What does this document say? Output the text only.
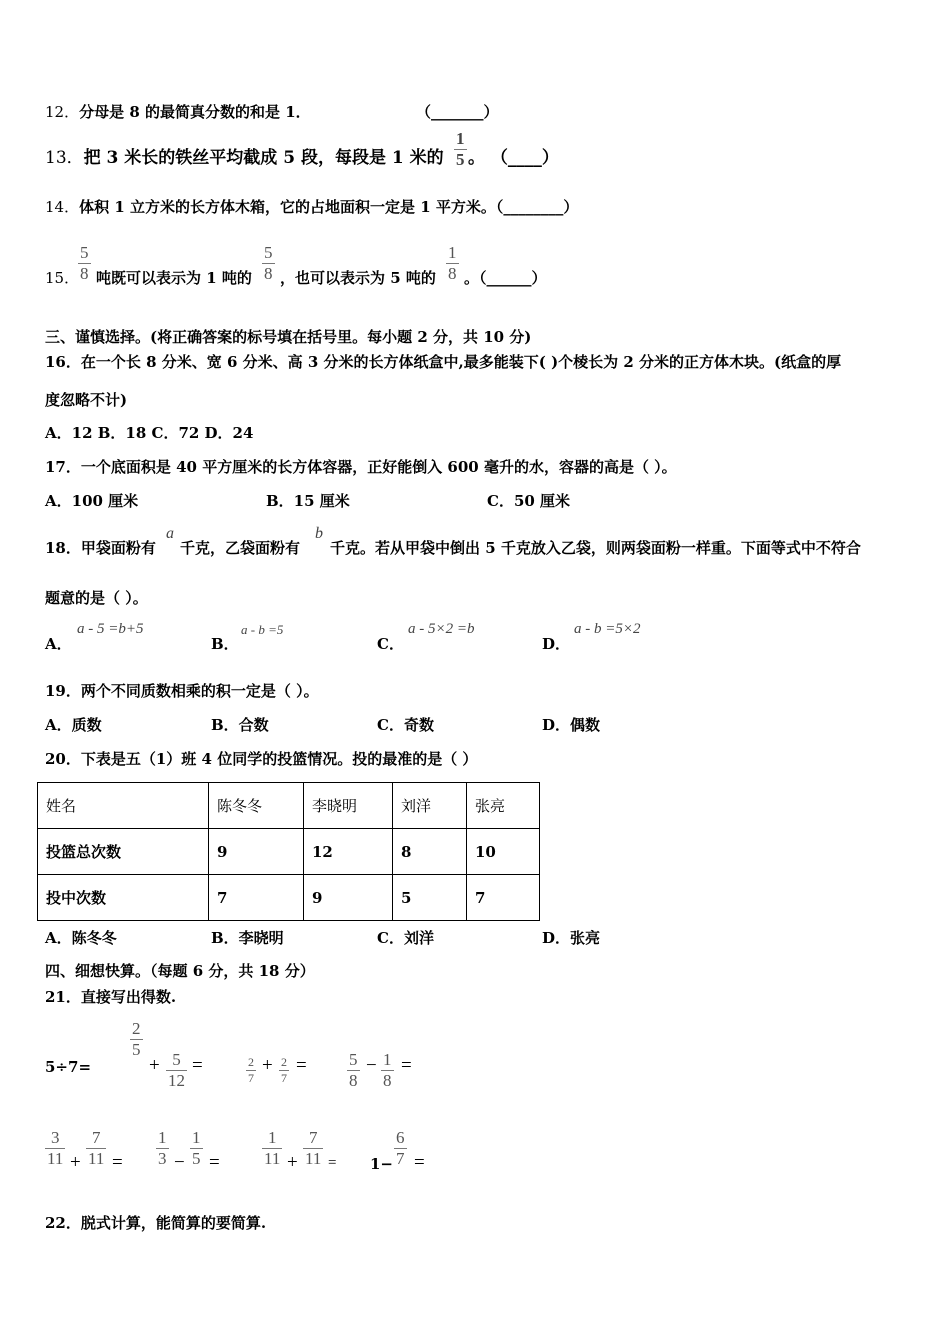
12．分母是 8 的最简真分数的和是 1．	（_______）
13．把 3 米长的铁丝平均截成 5 段，每段是 1 米的
1
5 。 （____）
14．体积 1 立方米的长方体木箱，它的占地面积一定是 1 平方米。（________）
15．
5
8 吨既可以表示为 1 吨的
5
8 ，也可以表示为 5 吨的
1
8 。（______）
三、谨慎选择。(将正确答案的标号填在括号里。每小题 2 分，共 10 分)
16．在一个长 8 分米、宽 6 分米、高 3 分米的长方体纸盒中,最多能装下( )个棱长为 2 分米的正方体木块。(纸盒的厚
度忽略不计)
A．12 B．18 C．72 D．24
17．一个底面积是 40 平方厘米的长方体容器，正好能倒入 600 毫升的水，容器的高是（ ）。
A．100 厘米	B．15 厘米	C．50 厘米
18．甲袋面粉有
a
千克，乙袋面粉有
b
千克。若从甲袋中倒出 5 千克放入乙袋，则两袋面粉一样重。下面等式中不符合
题意的是（ ）。
A．
a - 5 =b+5
B．
a - b =5
C．
a - 5×2 =b
D．
a - b =5×2
19．两个不同质数相乘的积一定是（ ）。
A．质数	B．合数	C．奇数	D．偶数
20．下表是五（1）班 4 位同学的投篮情况。投的最准的是（ ）
姓名	陈冬冬	李晓明	刘洋	张亮
投篮总次数	9	12	8	10
投中次数	7	9	5	7
A．陈冬冬	B．李晓明	C．刘洋	D．张亮
四、细想快算。（每题 6 分，共 18 分）
21．直接写出得数.
5÷7=
2
5
+ 5
12
=	2
7
+ 2
7
= 5
8
− 1
8
=
3
11 +
7
11 =
1
3 −
1
5 =
1
11 +
7
11 = 1−
6
7 =
22．脱式计算，能简算的要简算.
